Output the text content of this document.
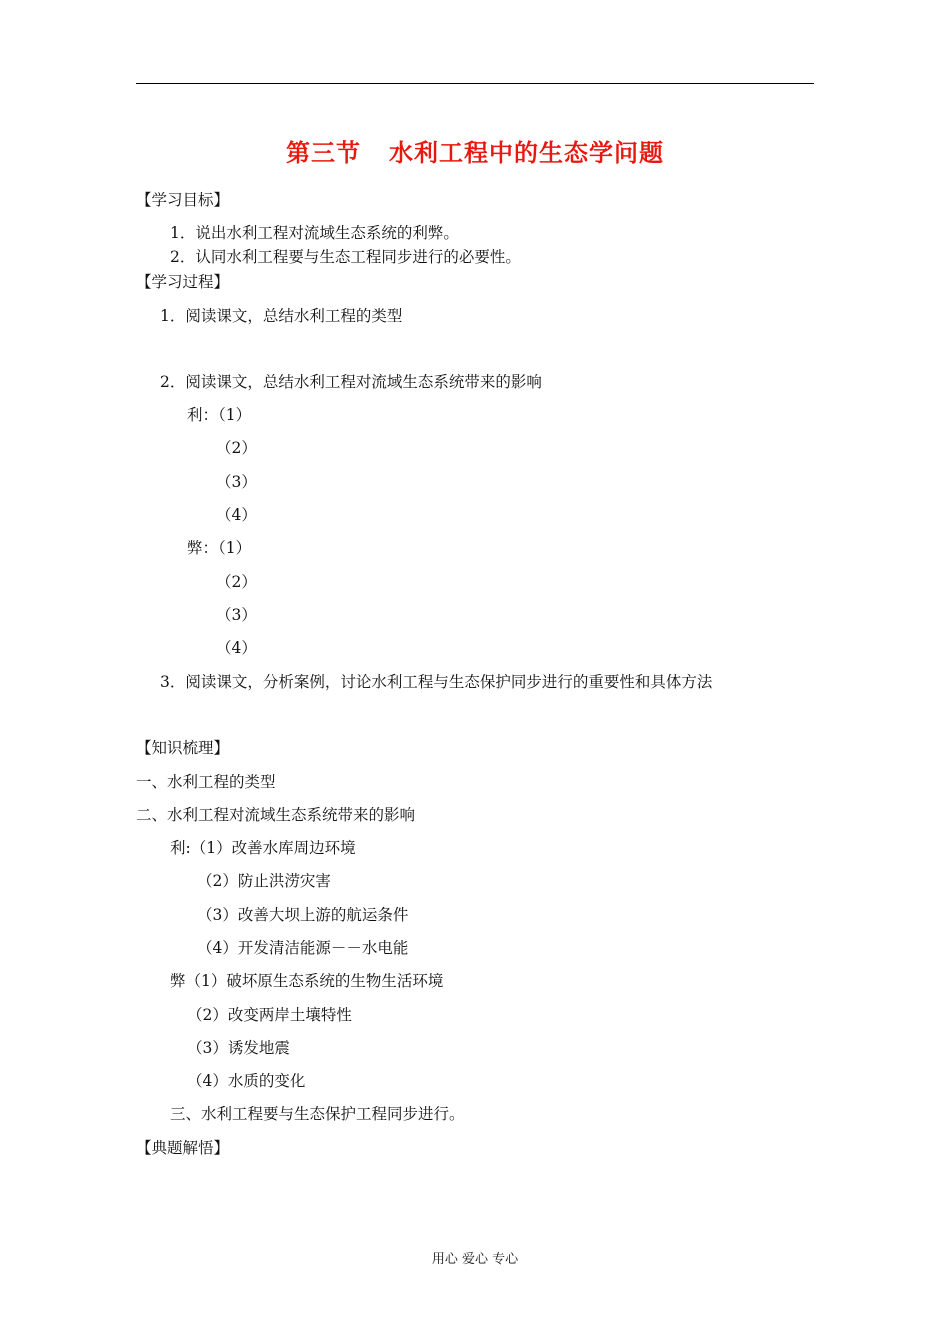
第三节 水利工程中的生态学问题
【学习目标】
1．说出水利工程对流域生态系统的利弊。
2．认同水利工程要与生态工程同步进行的必要性。
【学习过程】
1．阅读课文，总结水利工程的类型
2．阅读课文，总结水利工程对流域生态系统带来的影响
利：（1）
（2）
（3）
（4）
弊：（1）
（2）
（3）
（4）
3．阅读课文，分析案例，讨论水利工程与生态保护同步进行的重要性和具体方法
【知识梳理】
一、水利工程的类型
二、水利工程对流域生态系统带来的影响
利:（1）改善水库周边环境
（2）防止洪涝灾害
（3）改善大坝上游的航运条件
（4）开发清洁能源－－水电能
弊（1）破坏原生态系统的生物生活环境
（2）改变两岸土壤特性
（3）诱发地震
（4）水质的变化
三、水利工程要与生态保护工程同步进行。
【典题解悟】
用心 爱心 专心
